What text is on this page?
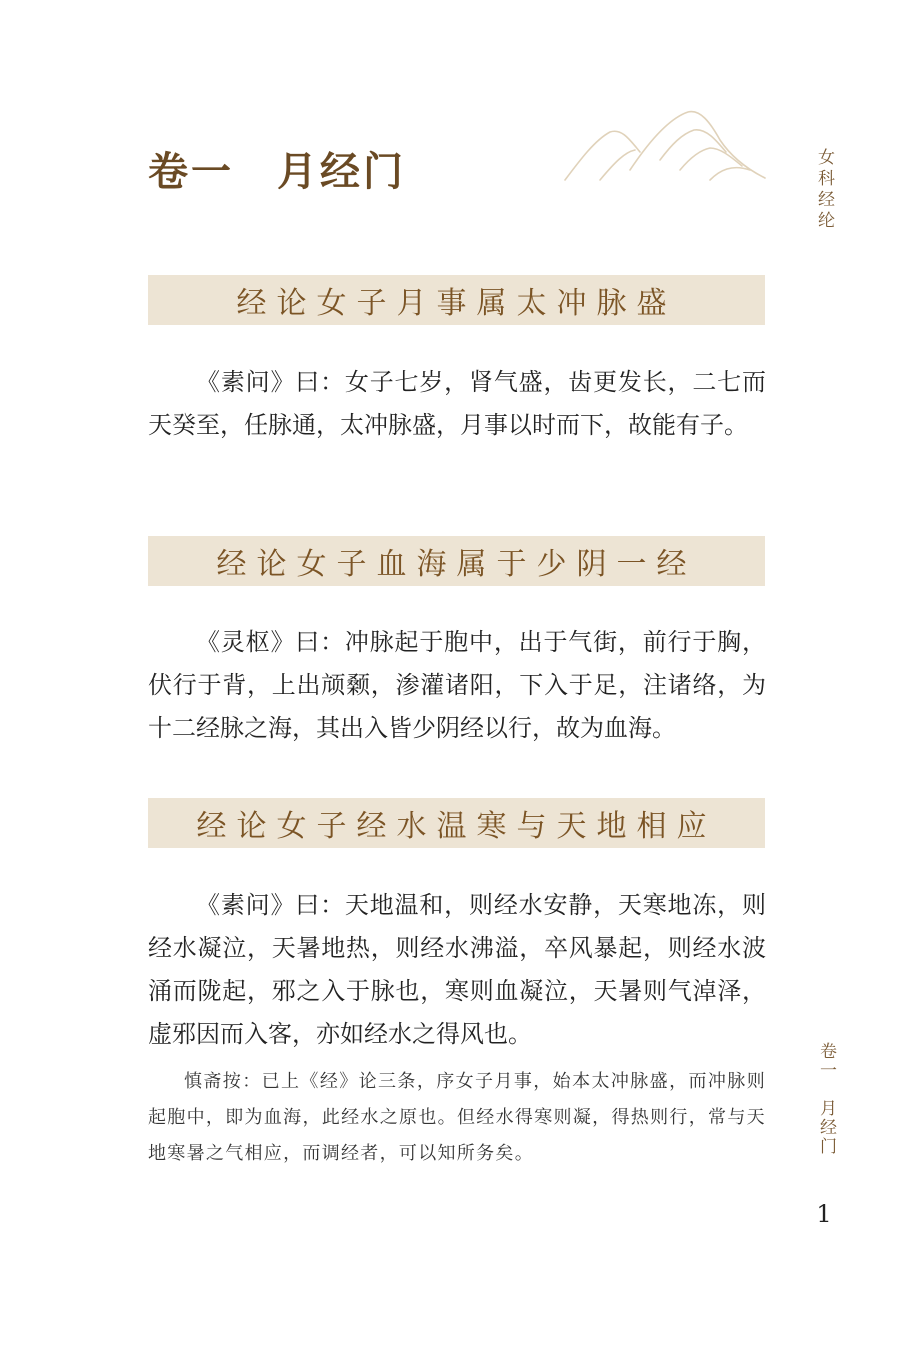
卷一　月经门	女科经纶
经论女子月事属太冲脉盛

《素问》曰：女子七岁，肾气盛，齿更发长，二七而天癸至，任脉通，太冲脉盛，月事以时而下，故能有子。

经论女子血海属于少阴一经

《灵枢》曰：冲脉起于胞中，出于气街，前行于胸，伏行于背，上出颃颡，渗灌诸阳，下入于足，注诸络，为十二经脉之海，其出入皆少阴经以行，故为血海。

经论女子经水温寒与天地相应

《素问》曰：天地温和，则经水安静，天寒地冻，则经水凝泣，天暑地热，则经水沸溢，卒风暴起，则经水波涌而陇起，邪之入于脉也，寒则血凝泣，天暑则气淖泽，虚邪因而入客，亦如经水之得风也。

慎斋按：已上《经》论三条，序女子月事，始本太冲脉盛，而冲脉则起胞中，即为血海，此经水之原也。但经水得寒则凝，得热则行，常与天地寒暑之气相应，而调经者，可以知所务矣。	卷一　月经门
1
